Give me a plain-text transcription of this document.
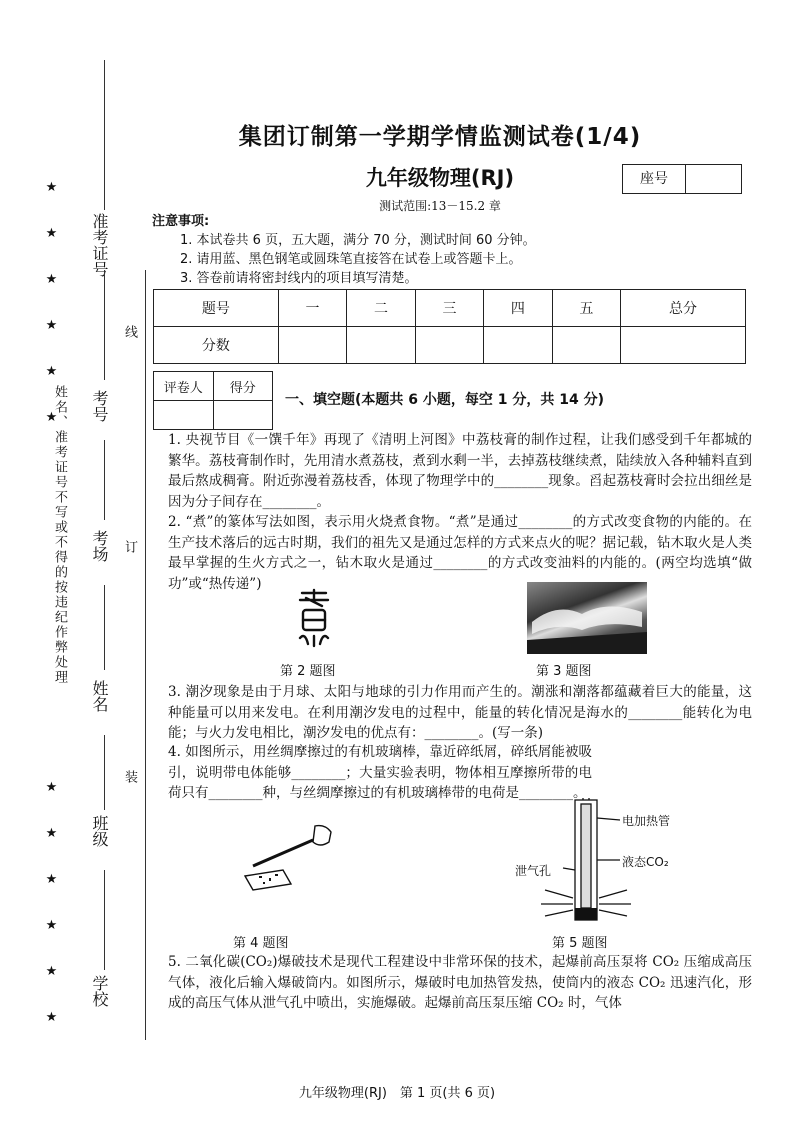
★ ★ ★ ★ ★ ★
★ ★ ★ ★ ★ ★
姓名、准考证号不写或不得的按违纪作弊处理
准考证号
考号
考场
姓名
班级
学校
线
订
装
集团订制第一学期学情监测试卷(1/4)
九年级物理(RJ)	座号
测试范围:13－15.2 章
注意事项:
1. 本试卷共 6 页，五大题，满分 70 分，测试时间 60 分钟。
2. 请用蓝、黑色钢笔或圆珠笔直接答在试卷上或答题卡上。
3. 答卷前请将密封线内的项目填写清楚。
题号	一	二	三	四	五	总分
分数						
评卷人	得分

一、填空题(本题共 6 小题，每空 1 分，共 14 分)

1. 央视节目《一馔千年》再现了《清明上河图》中荔枝膏的制作过程，让我们感受到千年都城的繁华。荔枝膏制作时，先用清水煮荔枝，煮到水剩一半，去掉荔枝继续煮，陆续放入各种辅料直到最后熬成稠膏。附近弥漫着荔枝香，体现了物理学中的________现象。舀起荔枝膏时会拉出细丝是因为分子间存在________。

2. “煮”的篆体写法如图，表示用火烧煮食物。“煮”是通过________的方式改变食物的内能的。在生产技术落后的远古时期，我们的祖先又是通过怎样的方式来点火的呢？据记载，钻木取火是人类最早掌握的生火方式之一，钻木取火是通过________的方式改变油料的内能的。(两空均选填“做功”或“热传递”)

第 2 题图	第 3 题图

3. 潮汐现象是由于月球、太阳与地球的引力作用而产生的。潮涨和潮落都蕴藏着巨大的能量，这种能量可以用来发电。在利用潮汐发电的过程中，能量的转化情况是海水的________能转化为电能；与火力发电相比，潮汐发电的优点有：________。(写一条)

4. 如图所示，用丝绸摩擦过的有机玻璃棒，靠近碎纸屑，碎纸屑能被吸引，说明带电体能够________；大量实验表明，物体相互摩擦所带的电荷只有________种，与丝绸摩擦过的有机玻璃棒带的电荷是________。

第 4 题图
电加热管
液态CO₂
泄气孔
第 5 题图

5. 二氧化碳(CO₂)爆破技术是现代工程建设中非常环保的技术，起爆前高压泵将 CO₂ 压缩成高压气体，液化后输入爆破筒内。如图所示，爆破时电加热管发热，使筒内的液态 CO₂ 迅速汽化，形成的高压气体从泄气孔中喷出，实施爆破。起爆前高压泵压缩 CO₂ 时，气体

九年级物理(RJ)　第 1 页(共 6 页)
